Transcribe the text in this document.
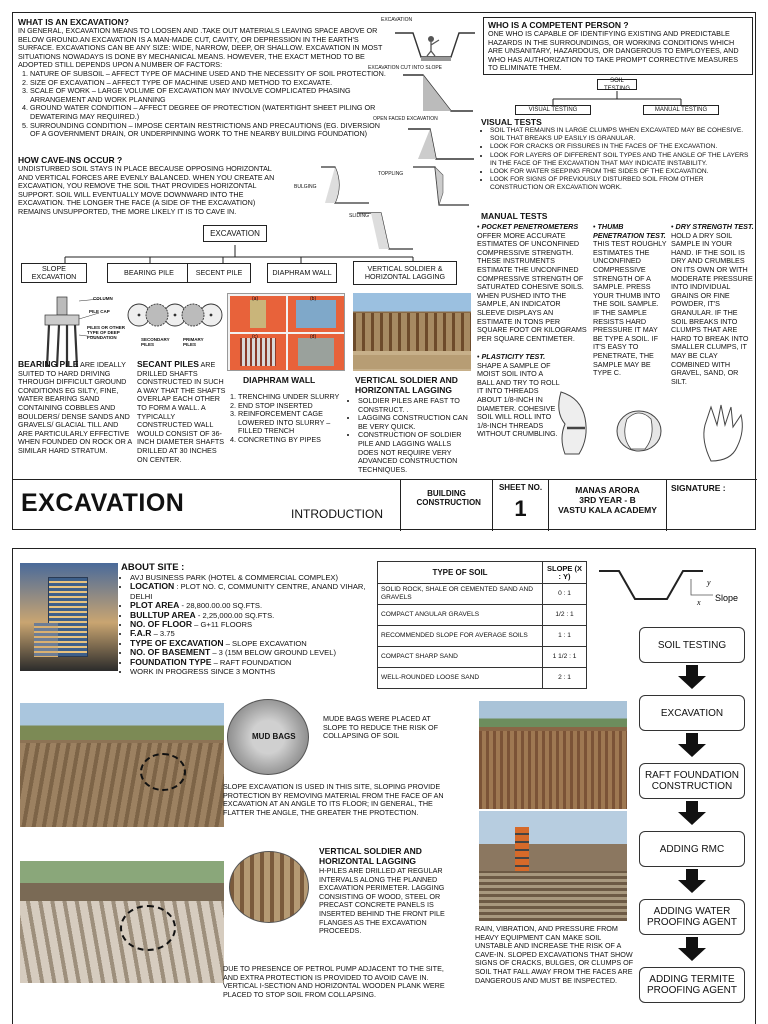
WHAT IS AN EXCAVATION?
IN GENERAL, EXCAVATION MEANS TO LOOSEN AND .TAKE OUT MATERIALS LEAVING SPACE ABOVE OR BELOW GROUND.AN EXCAVATION IS A MAN-MADE CUT, CAVITY, OR DEPRESSION IN THE EARTH'S SURFACE. EXCAVATIONS CAN BE ANY SIZE: WIDE, NARROW, DEEP, OR SHALLOW. EXCAVATION IN MOST SITUATIONS NOWADAYS IS DONE BY MECHANICAL MEANS. HOWEVER, THE EXACT METHOD TO BE ADOPTED STILL DEPENDS UPON A NUMBER OF FACTORS:
1. NATURE OF SUBSOIL – AFFECT TYPE OF MACHINE USED AND THE NECESSITY OF SOIL PROTECTION.
2. SIZE OF EXCAVATION – AFFECT TYPE OF MACHINE USED AND METHOD TO EXCAVATE.
3. SCALE OF WORK – LARGE VOLUME OF EXCAVATION MAY INVOLVE COMPLICATED PHASING ARRANGEMENT AND WORK PLANNING
4. GROUND WATER CONDITION – AFFECT DEGREE OF PROTECTION (WATERTIGHT SHEET PILING OR DEWATERING MAY REQUIRED.)
5. SURROUNDING CONDITION – IMPOSE CERTAIN RESTRICTIONS AND PRECAUTIONS (EG. DIVERSION OF A GOVERNMENT DRAIN, OR UNDERPINNING WORK TO THE NEARBY BUILDING FOUNDATION)
EXCAVATION
EXCAVATION CUT INTO SLOPE
OPEN FACED EXCAVATION
HOW CAVE-INS OCCUR ?
UNDISTURBED SOIL STAYS IN PLACE BECAUSE OPPOSING HORIZONTAL AND VERTICAL FORCES ARE EVENLY BALANCED. WHEN YOU CREATE AN EXCAVATION, YOU REMOVE THE SOIL THAT PROVIDES HORIZONTAL SUPPORT. SOIL WILL EVENTUALLY MOVE DOWNWARD INTO THE EXCAVATION. THE LONGER THE FACE (A SIDE OF THE EXCAVATION) REMAINS UNSUPPORTED, THE MORE LIKELY IT IS TO CAVE IN.
BULGING
TOPPLING
SLIDING
EXCAVATION
SLOPE EXCAVATION	BEARING PILE	SECENT PILE	DIAPHRAM WALL	VERTICAL SOLDIER & HORIZONTAL LAGGING
COLUMN
PILE CAP
PILES OR OTHER TYPE OF DEEP FOUNDATION	SECONDARY PILES
PRIMARY PILES
BEARING PILE ARE IDEALLY SUITED TO HARD DRIVING THROUGH DIFFICULT GROUND CONDITIONS EG SILTY, FINE, WATER BEARING SAND CONTAINING COBBLES AND BOULDERS/ DENSE SANDS AND GRAVELS/ GLACIAL TILL AND ARE PARTICULARLY EFFECTIVE WHEN FOUNDED ON ROCK OR A SIMILAR HARD STRATUM.
SECANT PILES ARE DRILLED SHAFTS CONSTRUCTED IN SUCH A WAY THAT THE SHAFTS OVERLAP EACH OTHER TO FORM A WALL. A TYPICALLY CONSTRUCTED WALL WOULD CONSIST OF 36-INCH DIAMETER SHAFTS DRILLED AT 30 INCHES ON CENTER.
(a)	(b)
(c)	(d)
DIAPHRAM WALL
1. TRENCHING UNDER SLURRY
2. END STOP INSERTED
3. REINFORCEMENT CAGE LOWERED INTO SLURRY – FILLED TRENCH
4. CONCRETING BY PIPES
VERTICAL SOLDIER AND HORIZONTAL LAGGING
• SOLDIER PILES ARE FAST TO CONSTRUCT. .
• LAGGING CONSTRUCTION CAN BE VERY QUICK.
• CONSTRUCTION OF SOLDIER PILE AND LAGGING WALLS DOES NOT REQUIRE VERY ADVANCED CONSTRUCTION TECHNIQUES.
WHO IS A COMPETENT PERSON ?
ONE WHO IS CAPABLE OF IDENTIFYING EXISTING AND PREDICTABLE HAZARDS IN THE SURROUNDINGS, OR WORKING CONDITIONS WHICH ARE UNSANITARY, HAZARDOUS, OR DANGEROUS TO EMPLOYEES, AND WHO HAS AUTHORIZATION TO TAKE PROMPT CORRECTIVE MEASURES TO ELIMINATE THEM.
SOIL TESTING
VISUAL TESTING	MANUAL TESTING
VISUAL TESTS
• SOIL THAT REMAINS IN LARGE CLUMPS WHEN EXCAVATED MAY BE COHESIVE. SOIL THAT BREAKS UP EASILY IS GRANULAR.
• LOOK FOR CRACKS OR FISSURES IN THE FACES OF THE EXCAVATION.
• LOOK FOR LAYERS OF DIFFERENT SOIL TYPES AND THE ANGLE OF THE LAYERS IN THE FACE OF THE EXCAVATION THAT MAY INDICATE INSTABILITY.
• LOOK FOR WATER SEEPING FROM THE SIDES OF THE EXCAVATION.
• LOOK FOR SIGNS OF PREVIOUSLY DISTURBED SOIL FROM OTHER CONSTRUCTION OR EXCAVATION WORK.
MANUAL TESTS
• POCKET PENETROMETERS OFFER MORE ACCURATE ESTIMATES OF UNCONFINED COMPRESSIVE STRENGTH. THESE INSTRUMENTS ESTIMATE THE UNCONFINED COMPRESSIVE STRENGTH OF SATURATED COHESIVE SOILS. WHEN PUSHED INTO THE SAMPLE, AN INDICATOR SLEEVE DISPLAYS AN ESTIMATE IN TONS PER SQUARE FOOT OR KILOGRAMS PER SQUARE CENTIMETER.
• PLASTICITY TEST. SHAPE A SAMPLE OF MOIST SOIL INTO A BALL AND TRY TO ROLL IT INTO THREADS ABOUT 1/8-INCH IN DIAMETER. COHESIVE SOIL WILL ROLL INTO 1/8-INCH THREADS WITHOUT CRUMBLING.
• THUMB PENETRATION TEST. THIS TEST ROUGHLY ESTIMATES THE UNCONFINED COMPRESSIVE STRENGTH OF A SAMPLE. PRESS YOUR THUMB INTO THE SOIL SAMPLE. IF THE SAMPLE RESISTS HARD PRESSURE IT MAY BE TYPE A SOIL. IF IT'S EASY TO PENETRATE, THE SAMPLE MAY BE TYPE C.
• DRY STRENGTH TEST. HOLD A DRY SOIL SAMPLE IN YOUR HAND. IF THE SOIL IS DRY AND CRUMBLES ON ITS OWN OR WITH MODERATE PRESSURE INTO INDIVIDUAL GRAINS OR FINE POWDER, IT'S GRANULAR. IF THE SOIL BREAKS INTO CLUMPS THAT ARE HARD TO BREAK INTO SMALLER CLUMPS, IT MAY BE CLAY COMBINED WITH GRAVEL, SAND, OR SILT.
EXCAVATION	INTRODUCTION
BUILDING CONSTRUCTION
SHEET NO.
1
MANAS ARORA
3RD YEAR - B
VASTU KALA ACADEMY
SIGNATURE :
ABOUT SITE :
• AVJ BUSINESS PARK (HOTEL & COMMERCIAL COMPLEX)
• LOCATION : PLOT NO. C, COMMUNITY CENTRE, ANAND VIHAR, DELHI
• PLOT AREA - 28,800.00.00 SQ.FTS.
• BULLTUP AREA - 2,25,000.00 SQ.FTS.
• NO. OF FLOOR – G+11 FLOORS
• F.A.R – 3.75
• TYPE OF EXCAVATION – SLOPE EXCAVATION
• NO. OF BASEMENT – 3 (15M BELOW GROUND LEVEL)
• FOUNDATION TYPE – RAFT FOUNDATION
• WORK IN PROGRESS SINCE 3 MONTHS
TYPE OF SOIL	SLOPE (X : Y)
SOLID ROCK, SHALE OR CEMENTED SAND AND GRAVELS	0 : 1
COMPACT ANGULAR GRAVELS	1/2 : 1
RECOMMENDED SLOPE FOR AVERAGE SOILS	1 : 1
COMPACT SHARP SAND	1 1/2 : 1
WELL-ROUNDED LOOSE SAND	2 : 1
y
x Slope
SOIL TESTING
EXCAVATION
RAFT FOUNDATION CONSTRUCTION
ADDING RMC
ADDING WATER PROOFING AGENT
ADDING TERMITE PROOFING AGENT
MUD BAGS
MUDE BAGS WERE PLACED AT SLOPE TO REDUCE THE RISK OF COLLAPSING OF SOIL
SLOPE EXCAVATION IS USED IN THIS SITE, SLOPING PROVIDE PROTECTION BY REMOVING MATERIAL FROM THE FACE OF AN EXCAVATION AT AN ANGLE TO ITS FLOOR; IN GENERAL, THE FLATTER THE ANGLE, THE GREATER THE PROTECTION.
VERTICAL SOLDIER AND HORIZONTAL LAGGING
H-PILES ARE DRILLED AT REGULAR INTERVALS ALONG THE PLANNED EXCAVATION PERIMETER. LAGGING CONSISTING OF WOOD, STEEL OR PRECAST CONCRETE PANELS IS INSERTED BEHIND THE FRONT PILE FLANGES AS THE EXCAVATION PROCEEDS.
DUE TO PRESENCE OF PETROL PUMP ADJACENT TO THE SITE, AND EXTRA PROTECTION IS PROVIDED TO AVOID CAVE IN. VERTICAL I-SECTION AND HORIZONTAL WOODEN PLANK WERE PLACED TO STOP SOIL FROM COLLAPSING.
RAIN, VIBRATION, AND PRESSURE FROM HEAVY EQUIPMENT CAN MAKE SOIL UNSTABLE AND INCREASE THE RISK OF A CAVE-IN. SLOPED EXCAVATIONS THAT SHOW SIGNS OF CRACKS, BULGES, OR CLUMPS OF SOIL THAT FALL AWAY FROM THE FACES ARE DANGEROUS AND MUST BE INSPECTED.
